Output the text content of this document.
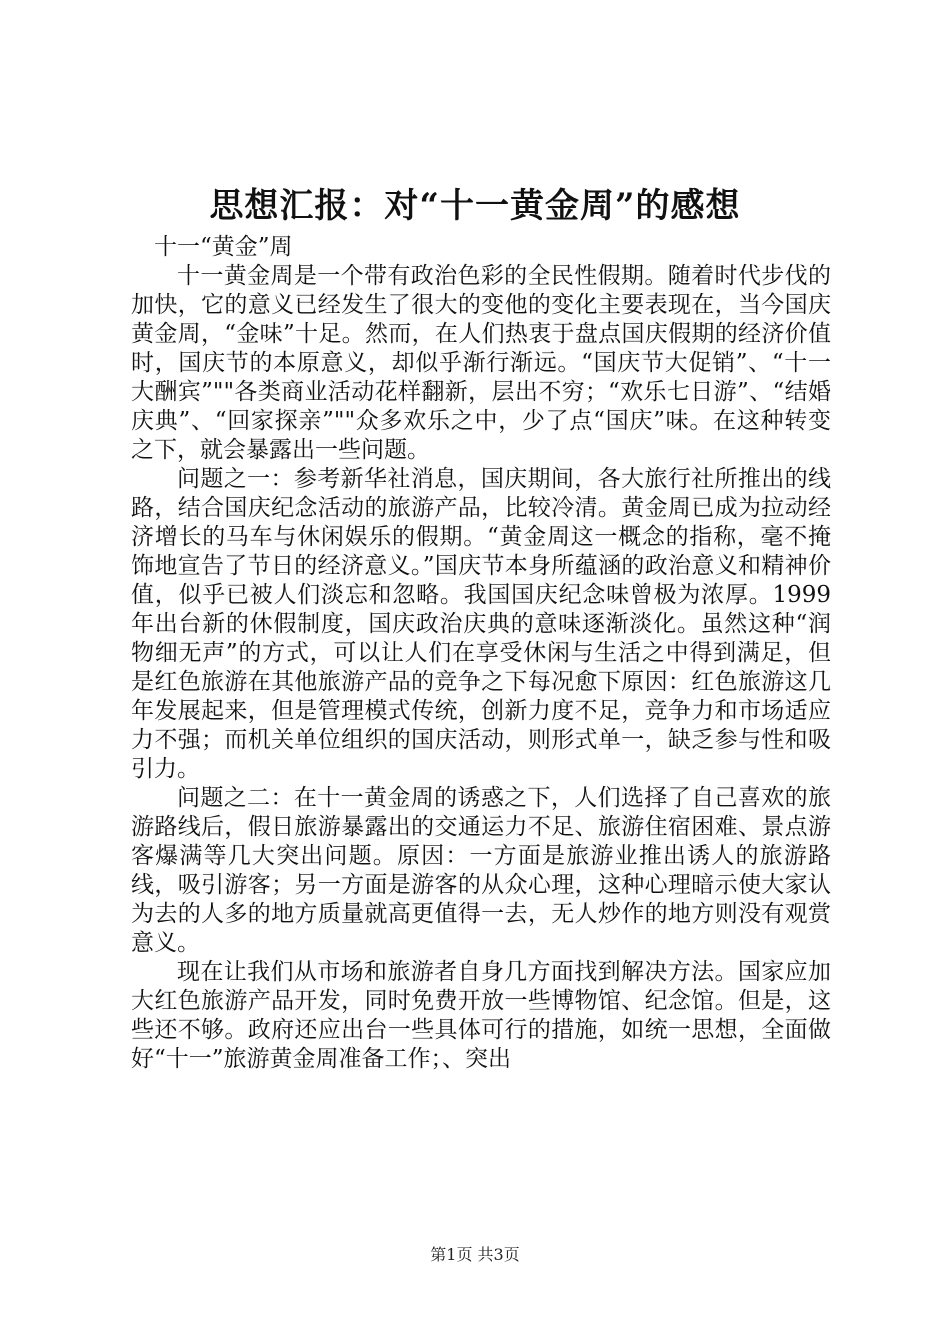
思想汇报：对“十一黄金周”的感想

十一“黄金”周

十一黄金周是一个带有政治色彩的全民性假期。随着时代步伐的加快，它的意义已经发生了很大的变他的变化主要表现在，当今国庆黄金周，“金味”十足。然而，在人们热衷于盘点国庆假期的经济价值时，国庆节的本原意义，却似乎渐行渐远。“国庆节大促销”、“十一大酬宾”""各类商业活动花样翻新，层出不穷；“欢乐七日游”、“结婚庆典”、“回家探亲”""众多欢乐之中，少了点“国庆”味。在这种转变之下，就会暴露出一些问题。

问题之一：参考新华社消息，国庆期间，各大旅行社所推出的线路，结合国庆纪念活动的旅游产品，比较冷清。黄金周已成为拉动经济增长的马车与休闲娱乐的假期。“黄金周这一概念的指称，毫不掩饰地宣告了节日的经济意义。”国庆节本身所蕴涵的政治意义和精神价值，似乎已被人们淡忘和忽略。我国国庆纪念味曾极为浓厚。1999年出台新的休假制度，国庆政治庆典的意味逐渐淡化。虽然这种“润物细无声”的方式，可以让人们在享受休闲与生活之中得到满足，但是红色旅游在其他旅游产品的竞争之下每况愈下原因：红色旅游这几年发展起来，但是管理模式传统，创新力度不足，竞争力和市场适应力不强；而机关单位组织的国庆活动，则形式单一，缺乏参与性和吸引力。

问题之二：在十一黄金周的诱惑之下，人们选择了自己喜欢的旅游路线后，假日旅游暴露出的交通运力不足、旅游住宿困难、景点游客爆满等几大突出问题。原因：一方面是旅游业推出诱人的旅游路线，吸引游客；另一方面是游客的从众心理，这种心理暗示使大家认为去的人多的地方质量就高更值得一去，无人炒作的地方则没有观赏意义。

现在让我们从市场和旅游者自身几方面找到解决方法。国家应加大红色旅游产品开发，同时免费开放一些博物馆、纪念馆。但是，这些还不够。政府还应出台一些具体可行的措施，如统一思想，全面做好“十一”旅游黄金周准备工作；、突出

第1页 共3页
